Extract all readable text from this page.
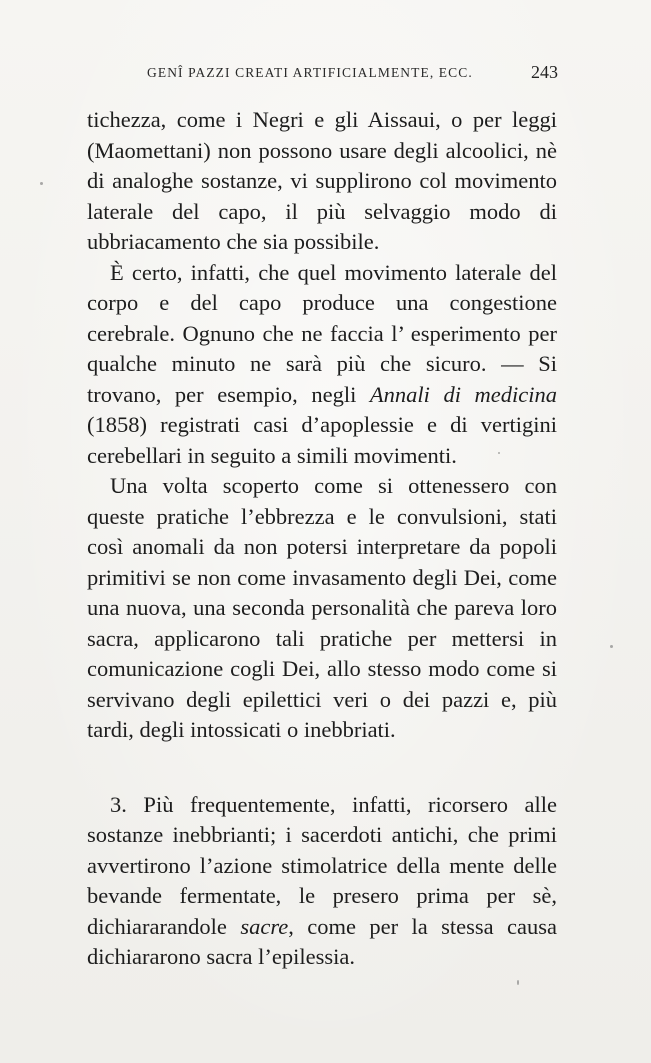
GENÎ PAZZI CREATI ARTIFICIALMENTE, ECC.	243

tichezza, come i Negri e gli Aissaui, o per leggi (Maomettani) non possono usare degli alcoolici, nè di analoghe sostanze, vi supplirono col movimento laterale del capo, il più selvaggio modo di ubbriacamento che sia possibile.

È certo, infatti, che quel movimento laterale del corpo e del capo produce una congestione cerebrale. Ognuno che ne faccia l’ esperimento per qualche minuto ne sarà più che sicuro. — Si trovano, per esempio, negli Annali di medicina (1858) registrati casi d’apoplessie e di vertigini cerebellari in seguito a simili movimenti.

Una volta scoperto come si ottenessero con queste pratiche l’ebbrezza e le convulsioni, stati così anomali da non potersi interpretare da popoli primitivi se non come invasamento degli Dei, come una nuova, una seconda personalità che pareva loro sacra, applicarono tali pratiche per mettersi in comunicazione cogli Dei, allo stesso modo come si servivano degli epilettici veri o dei pazzi e, più tardi, degli intossicati o inebbriati.

3. Più frequentemente, infatti, ricorsero alle sostanze inebbrianti; i sacerdoti antichi, che primi avvertirono l’azione stimolatrice della mente delle bevande fermentate, le presero prima per sè, dichiararandole sacre, come per la stessa causa dichiararono sacra l’epilessia.
